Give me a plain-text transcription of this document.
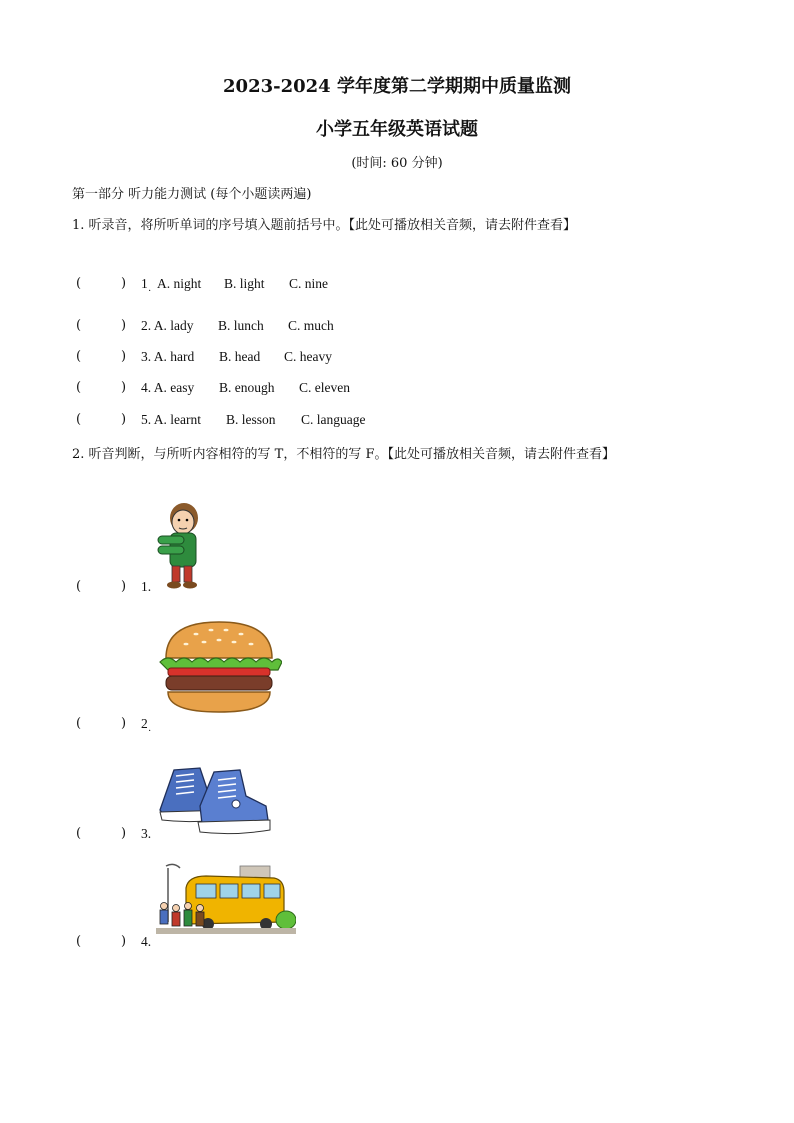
2023-2024 学年度第二学期期中质量监测
小学五年级英语试题
(时间: 60 分钟)
第一部分 听力能力测试 (每个小题读两遍)
1. 听录音，将所听单词的序号填入题前括号中。【此处可播放相关音频，请去附件查看】
(	) 1
·
A. night B. light C. nine
(	) 2. A. lady B. lunch C. much
(	) 3. A. hard B. head C. heavy
(	) 4. A. easy B. enough C. eleven
(	) 5. A. learnt B. lesson C. language
2. 听音判断，与所听内容相符的写 T，不相符的写 F。【此处可播放相关音频，请去附件查看】
(	) 1.
(	) 2
·
(	) 3.
(	) 4.
